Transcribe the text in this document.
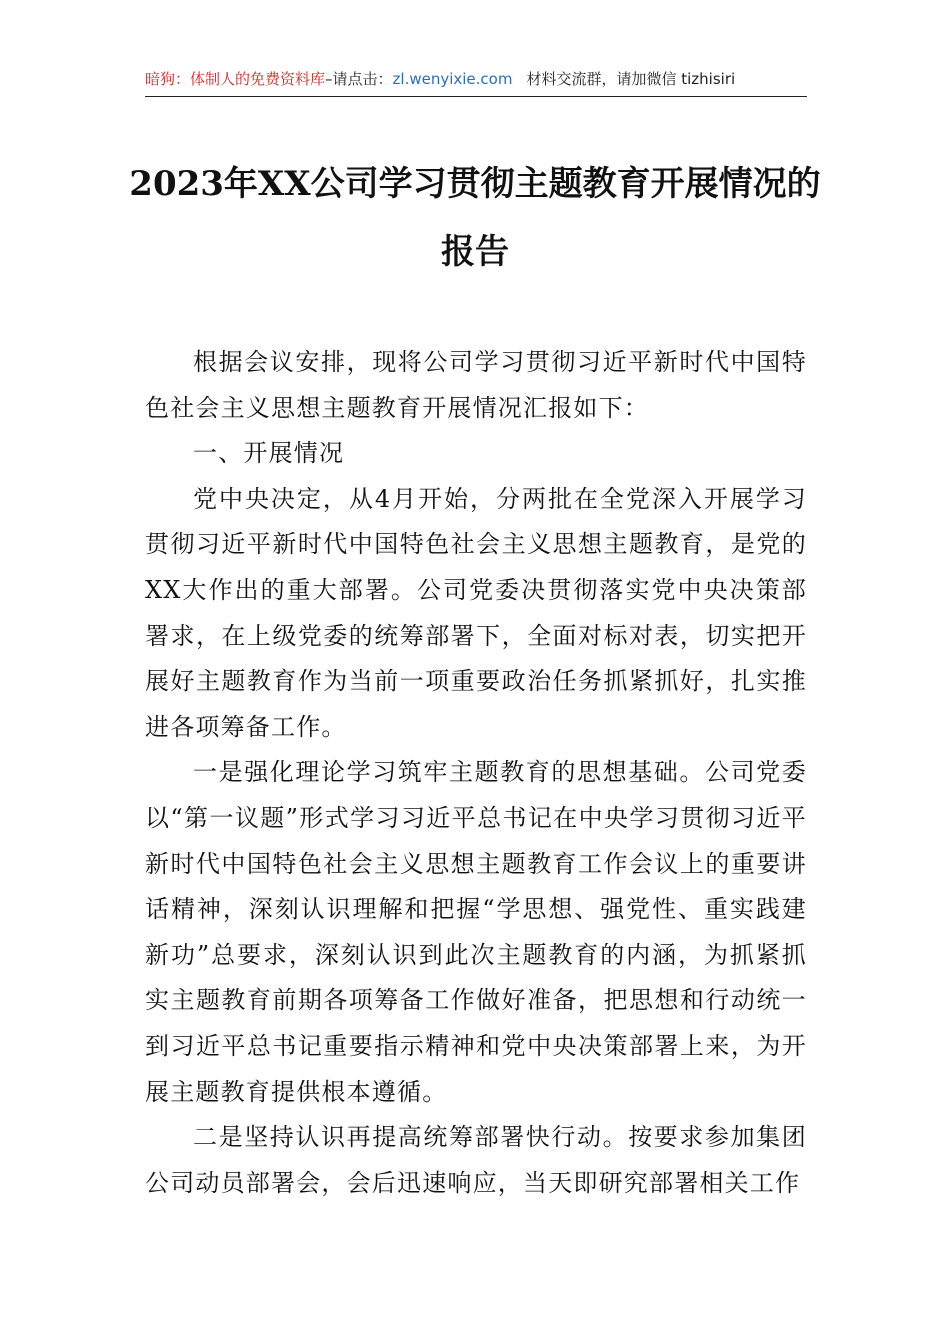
暗狗：体制人的免费资料库–请点击：zl.wenyixie.com 材料交流群，请加微信 tizhisiri
2023年XX公司学习贯彻主题教育开展情况的报告

根据会议安排，现将公司学习贯彻习近平新时代中国特色社会主义思想主题教育开展情况汇报如下：

一、开展情况

党中央决定，从4月开始，分两批在全党深入开展学习贯彻习近平新时代中国特色社会主义思想主题教育，是党的XX大作出的重大部署。公司党委决贯彻落实党中央决策部署求，在上级党委的统筹部署下，全面对标对表，切实把开展好主题教育作为当前一项重要政治任务抓紧抓好，扎实推进各项筹备工作。

一是强化理论学习筑牢主题教育的思想基础。公司党委以“第一议题”形式学习习近平总书记在中央学习贯彻习近平新时代中国特色社会主义思想主题教育工作会议上的重要讲话精神，深刻认识理解和把握“学思想、强党性、重实践建新功”总要求，深刻认识到此次主题教育的内涵，为抓紧抓实主题教育前期各项筹备工作做好准备，把思想和行动统一到习近平总书记重要指示精神和党中央决策部署上来，为开展主题教育提供根本遵循。

二是坚持认识再提高统筹部署快行动。按要求参加集团公司动员部署会，会后迅速响应，当天即研究部署相关工作
